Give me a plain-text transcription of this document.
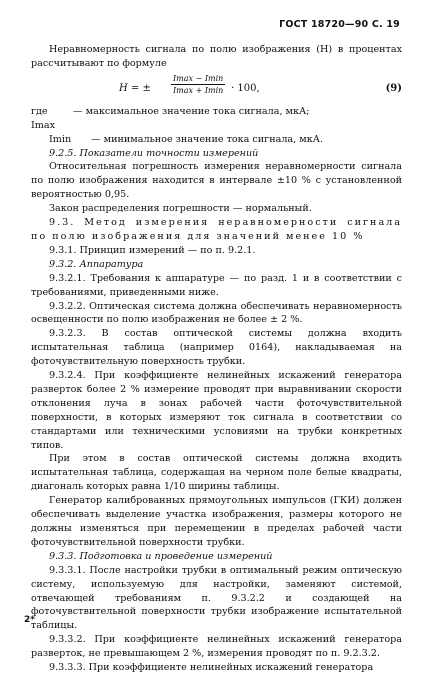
ГОСТ 18720—90 С. 19

Неравномерность сигнала по полю изображения (H) в процентах рассчитывают по формуле

H = ±
Imax − Imin
Imax + Imin · 100,	(9)
где Imax
— максимальное значение тока сигнала, мкА;
Imin	— минимальное значение тока сигнала, мкА.

9.2.5. Показатели точности измерений

Относительная погрешность измерения неравномерности сигнала по полю изображения находится в интервале ±10 % с установленной вероятностью 0,95.

Закон распределения погрешности — нормальный.

9.3. Метод измерения неравномерности сигнала по полю изображения для значений менее 10 %

9.3.1. Принцип измерений — по п. 9.2.1.

9.3.2. Аппаратура

9.3.2.1. Требования к аппаратуре — по разд. 1 и в соответствии с требованиями, приведенными ниже.

9.3.2.2. Оптическая система должна обеспечивать неравномерность освещенности по полю изображения не более ± 2 %.

9.3.2.3. В состав оптической системы должна входить испытательная таблица (например 0164), накладываемая на фоточувствительную поверхность трубки.

9.3.2.4. При коэффициенте нелинейных искажений генератора разверток более 2 % измерение проводят при выравнивании скорости отклонения луча в зонах рабочей части фоточувствительной поверхности, в которых измеряют ток сигнала в соответствии со стандартами или техническими условиями на трубки конкретных типов.

При этом в состав оптической системы должна входить испытательная таблица, содержащая на черном поле белые квадраты, диагональ которых равна 1/10 ширины таблицы.

Генератор калиброванных прямоугольных импульсов (ГКИ) должен обеспечивать выделение участка изображения, размеры которого не должны изменяться при перемещении в пределах рабочей части фоточувствительной поверхности трубки.

9.3.3. Подготовка и проведение измерений

9.3.3.1. После настройки трубки в оптимальный режим оптическую систему, используемую для настройки, заменяют системой, отвечающей требованиям п. 9.3.2.2 и создающей на фоточувствительной поверхности трубки изображение испытательной таблицы.

9.3.3.2. При коэффициенте нелинейных искажений генератора разверток, не превышающем 2 %, измерения проводят по п. 9.2.3.2.

9.3.3.3. При коэффициенте нелинейных искажений генератора

2*
